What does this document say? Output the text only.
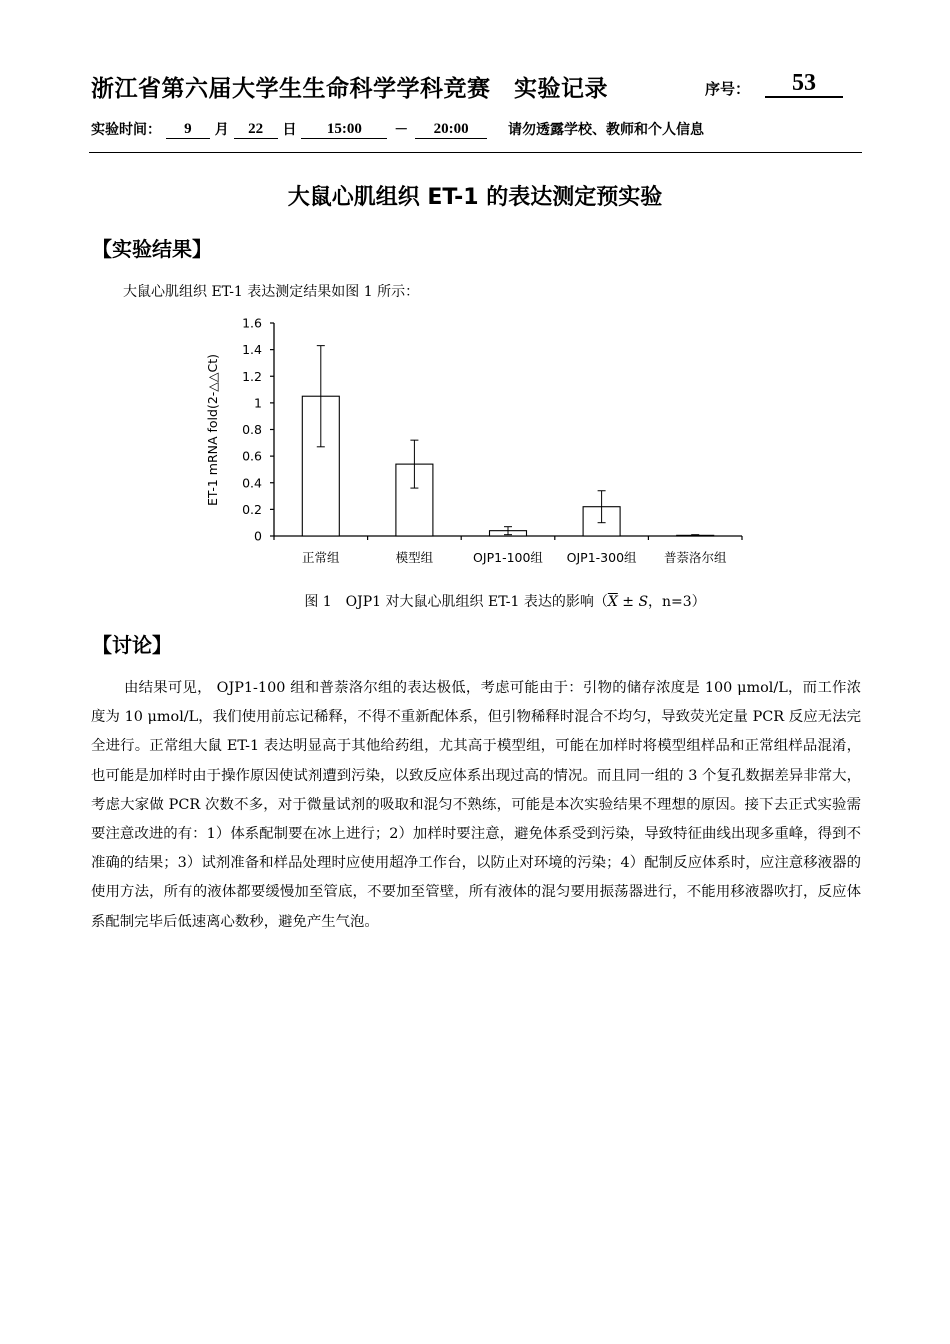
浙江省第六届大学生生命科学学科竞赛　实验记录	序号：	53
实验时间： 9 月 22 日 15:00 － 20:00	请勿透露学校、教师和个人信息
大鼠心肌组织 ET-1 的表达测定预实验
【实验结果】
大鼠心肌组织 ET-1 表达测定结果如图 1 所示：
0
0.2
0.4
0.6
0.8
1
1.2
1.4
1.6
正常组	模型组	OJP1-100组 OJP1-300组 普萘洛尔组
ET-1 mRNA fold(2-△△Ct)
图 1　OJP1 对大鼠心肌组织 ET-1 表达的影响（$\overline{X} \pm S$，n=3）
【讨论】
由结果可见， OJP1-100 组和普萘洛尔组的表达极低，考虑可能由于：引物的储存浓度是 100 μmol/L，而工作浓度为 10 μmol/L，我们使用前忘记稀释，不得不重新配体系，但引物稀释时混合不均匀，导致荧光定量 PCR 反应无法完全进行。正常组大鼠 ET-1 表达明显高于其他给药组，尤其高于模型组，可能在加样时将模型组样品和正常组样品混淆，也可能是加样时由于操作原因使试剂遭到污染，以致反应体系出现过高的情况。而且同一组的 3 个复孔数据差异非常大，考虑大家做 PCR 次数不多，对于微量试剂的吸取和混匀不熟练，可能是本次实验结果不理想的原因。接下去正式实验需要注意改进的有：1）体系配制要在冰上进行；2）加样时要注意，避免体系受到污染，导致特征曲线出现多重峰，得到不准确的结果；3）试剂准备和样品处理时应使用超净工作台，以防止对环境的污染；4）配制反应体系时，应注意移液器的使用方法，所有的液体都要缓慢加至管底，不要加至管壁，所有液体的混匀要用振荡器进行，不能用移液器吹打，反应体系配制完毕后低速离心数秒，避免产生气泡。
